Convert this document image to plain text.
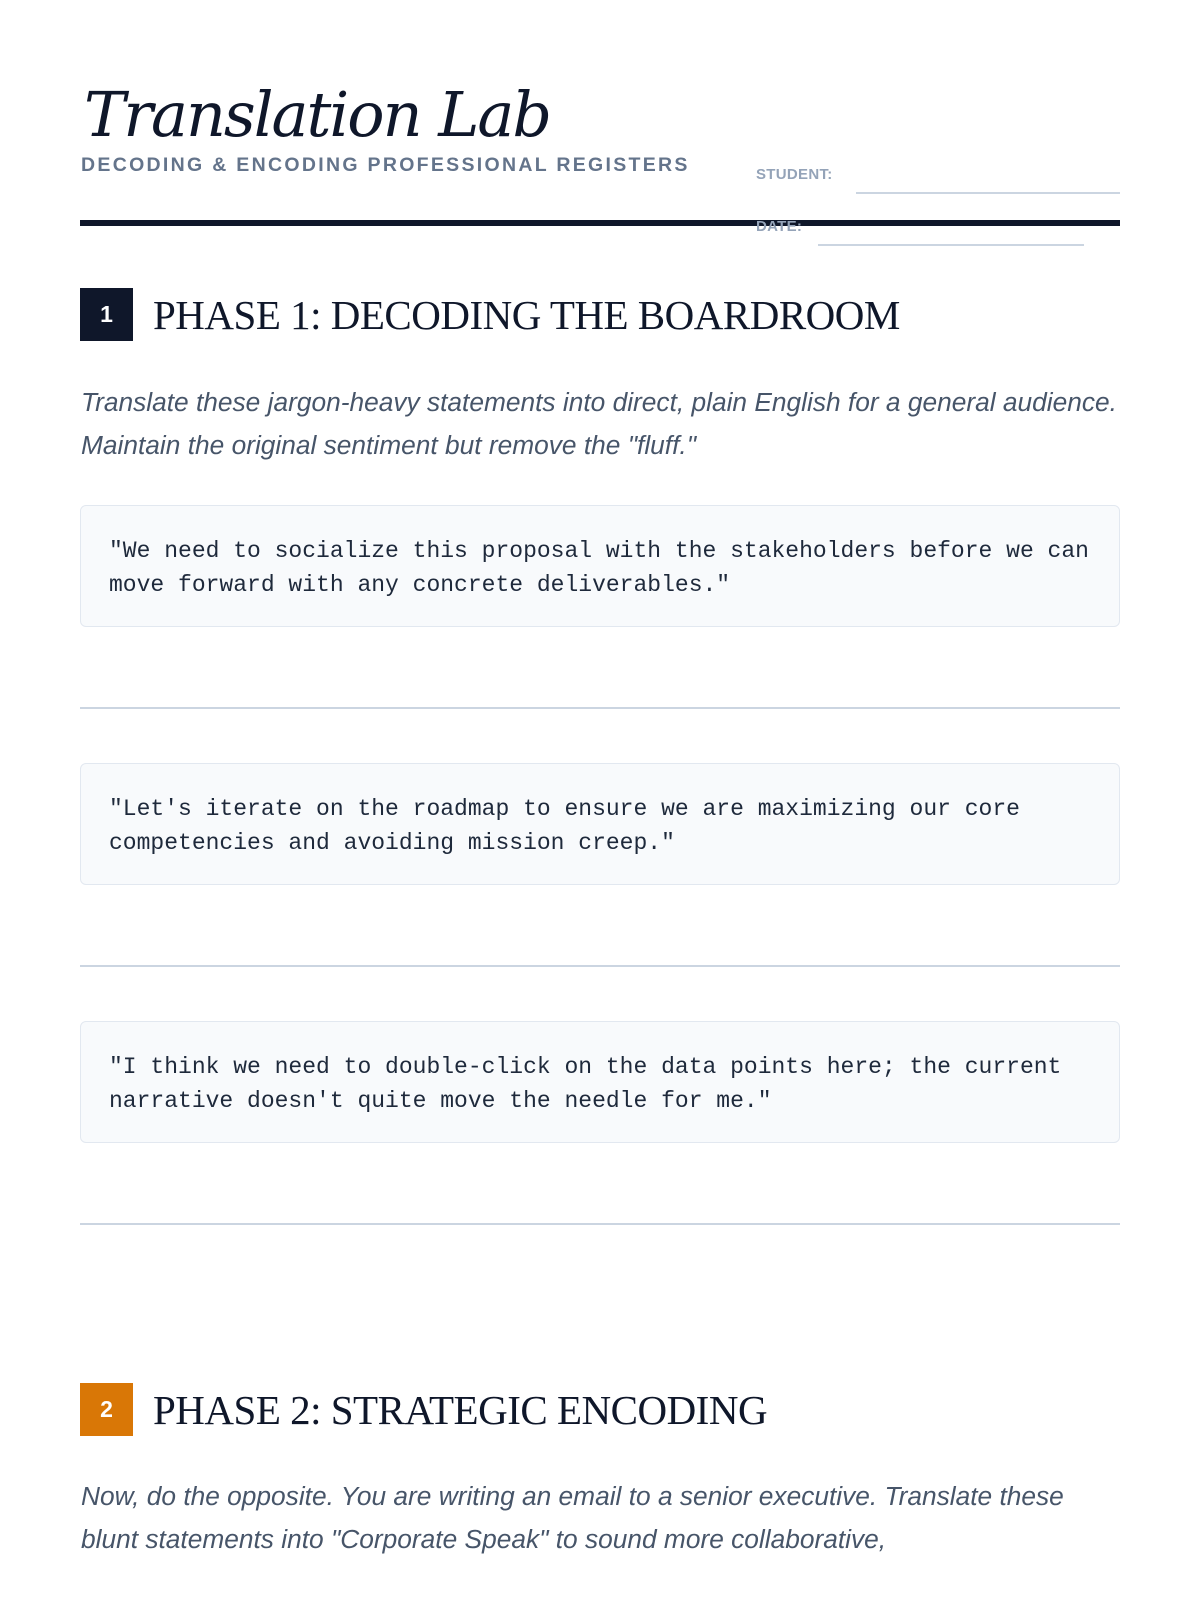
Translation Lab
DECODING & ENCODING PROFESSIONAL REGISTERS	STUDENT:
DATE:
1 PHASE 1: DECODING THE BOARDROOM

Translate these jargon-heavy statements into direct, plain English for a general audience. Maintain the original sentiment but remove the "fluff."

"We need to socialize this proposal with the stakeholders before we can move forward with any concrete deliverables."
"Let's iterate on the roadmap to ensure we are maximizing our core competencies and avoiding mission creep."
"I think we need to double-click on the data points here; the current narrative doesn't quite move the needle for me."
2 PHASE 2: STRATEGIC ENCODING

Now, do the opposite. You are writing an email to a senior executive. Translate these blunt statements into "Corporate Speak" to sound more collaborative,
